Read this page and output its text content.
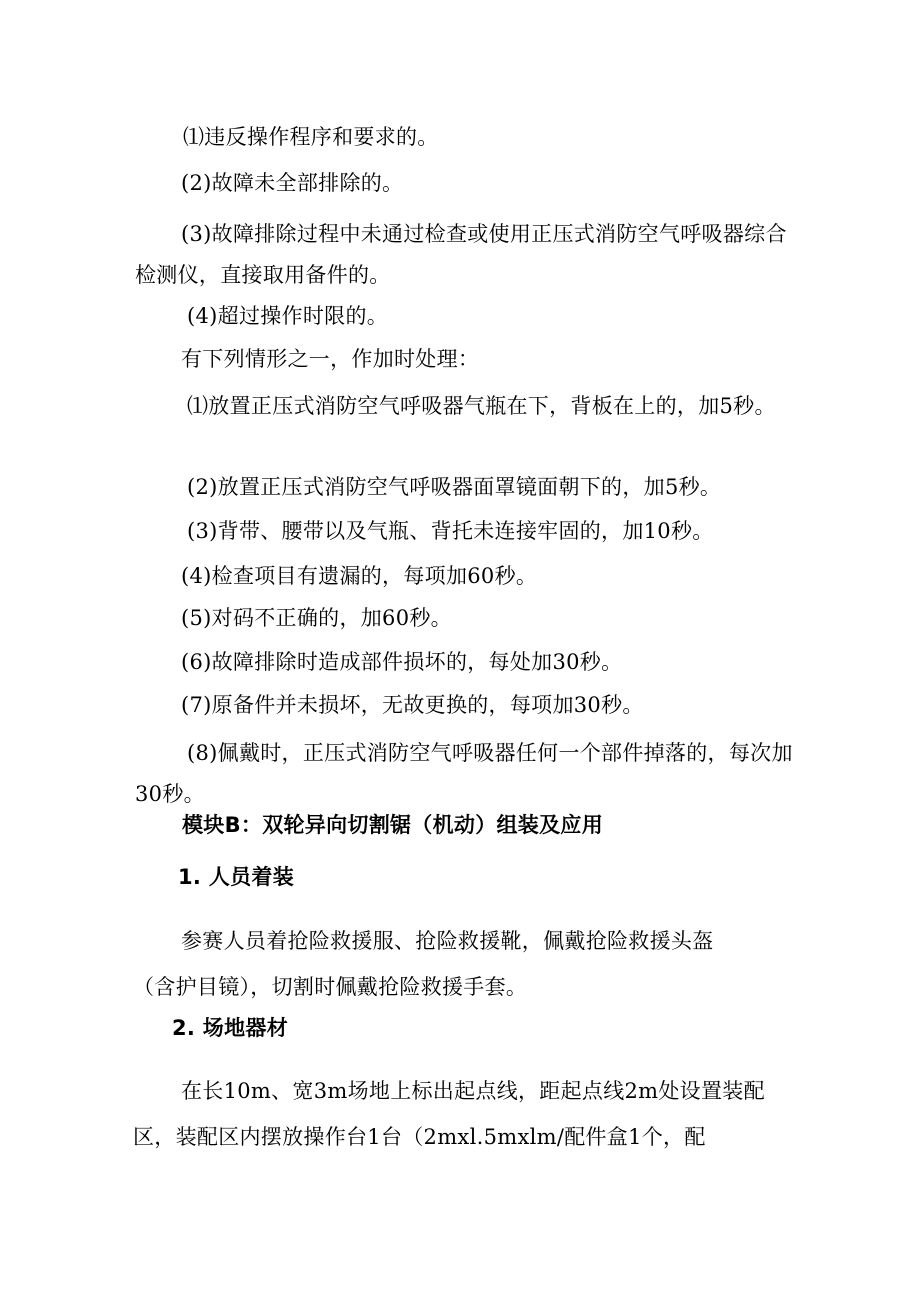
⑴违反操作程序和要求的。
(2)故障未全部排除的。
(3)故障排除过程中未通过检查或使用正压式消防空气呼吸器综合检测仪，直接取用备件的。
(4)超过操作时限的。
有下列情形之一，作加时处理：
⑴放置正压式消防空气呼吸器气瓶在下，背板在上的，加5秒。
(2)放置正压式消防空气呼吸器面罩镜面朝下的，加5秒。
(3)背带、腰带以及气瓶、背托未连接牢固的，加10秒。
(4)检查项目有遗漏的，每项加60秒。
(5)对码不正确的，加60秒。
(6)故障排除时造成部件损坏的，每处加30秒。
(7)原备件并未损坏，无故更换的，每项加30秒。
(8)佩戴时，正压式消防空气呼吸器任何一个部件掉落的，每次加30秒。
模块B：双轮异向切割锯（机动）组装及应用
1. 人员着装
参赛人员着抢险救援服、抢险救援靴，佩戴抢险救援头盔（含护目镜），切割时佩戴抢险救援手套。
2. 场地器材
在长10m、宽3m场地上标出起点线，距起点线2m处设置装配区，装配区内摆放操作台1台（2mxl.5mxlm/配件盒1个，配
